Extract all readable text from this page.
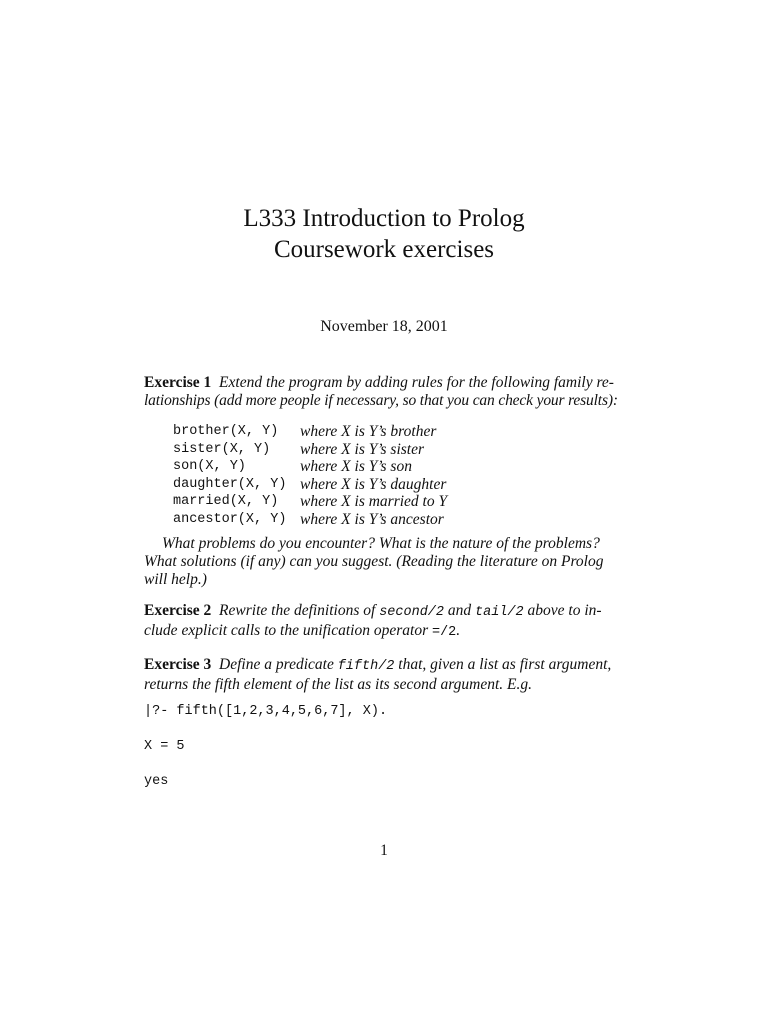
L333 Introduction to Prolog
Coursework exercises
November 18, 2001
Exercise 1 Extend the program by adding rules for the following family re-
lationships (add more people if necessary, so that you can check your results):
brother(X, Y)	where X is Y’s brother
sister(X, Y)	where X is Y’s sister
son(X, Y)	where X is Y’s son
daughter(X, Y)	where X is Y’s daughter
married(X, Y)	where X is married to Y
ancestor(X, Y)	where X is Y’s ancestor
What problems do you encounter? What is the nature of the problems?
What solutions (if any) can you suggest. (Reading the literature on Prolog
will help.)
Exercise 2 Rewrite the definitions of second/2 and tail/2 above to in-
clude explicit calls to the unification operator =/2.
Exercise 3 Define a predicate fifth/2 that, given a list as first argument,
returns the fifth element of the list as its second argument. E.g.
|?- fifth([1,2,3,4,5,6,7], X).
X = 5
yes
1
